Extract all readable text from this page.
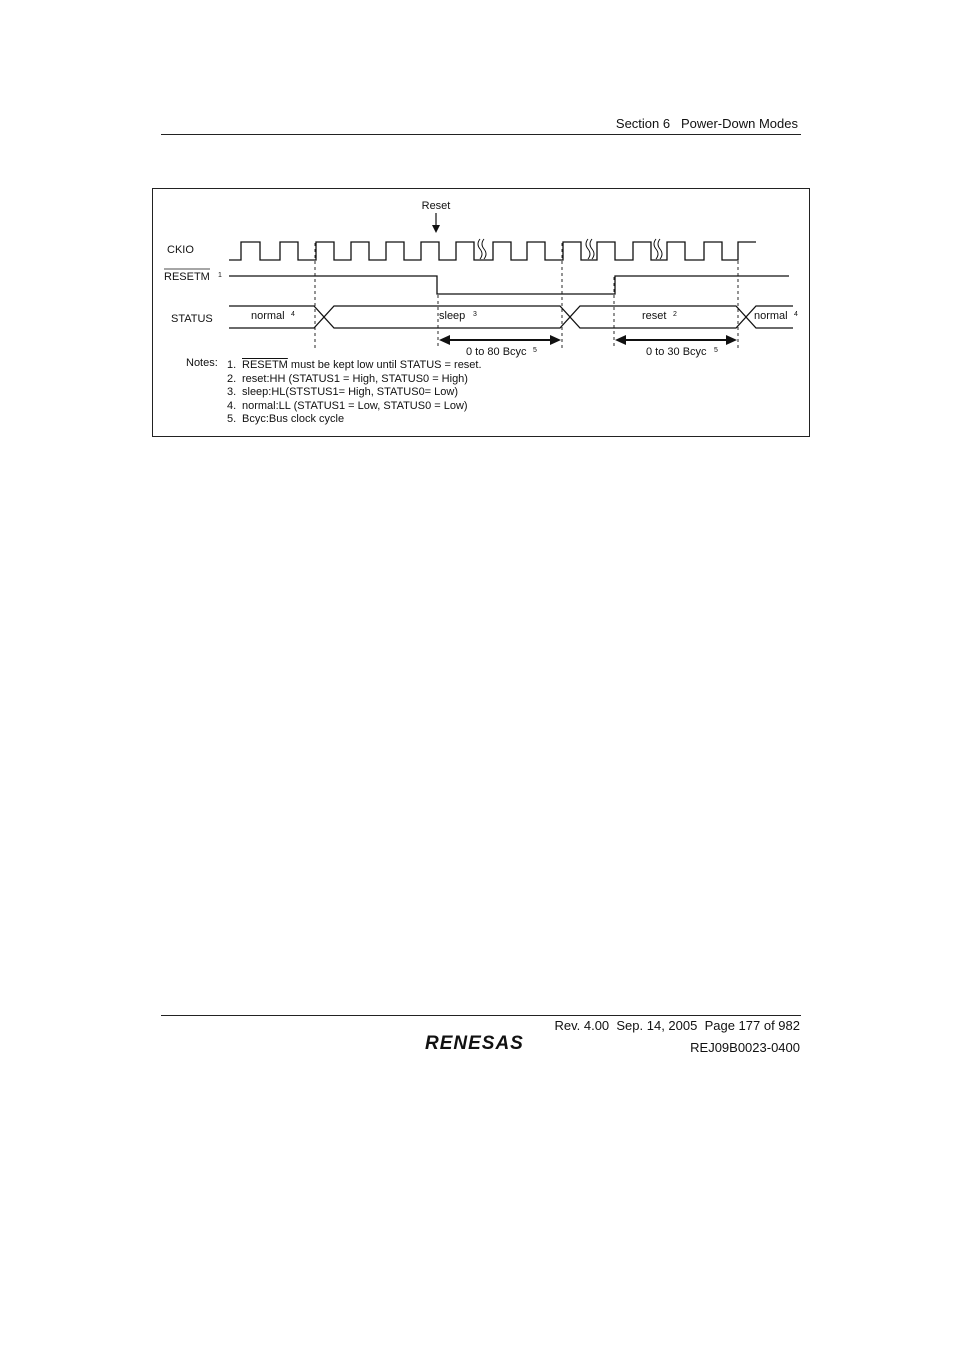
Section 6   Power-Down Modes
Reset
CKIO
RESETM 1
STATUS	normal 4	sleep 3	reset 2	normal 4
0 to 80 Bcyc 5	0 to 30 Bcyc 5
Notes: 1. RESETM must be kept low until STATUS = reset.
2. reset:HH (STATUS1 = High, STATUS0 = High)
3. sleep:HL(STSTUS1= High, STATUS0= Low)
4. normal:LL (STATUS1 = Low, STATUS0 = Low)
5. Bcyc:Bus clock cycle
Rev. 4.00  Sep. 14, 2005  Page 177 of 982
REJ09B0023-0400
RENESAS
